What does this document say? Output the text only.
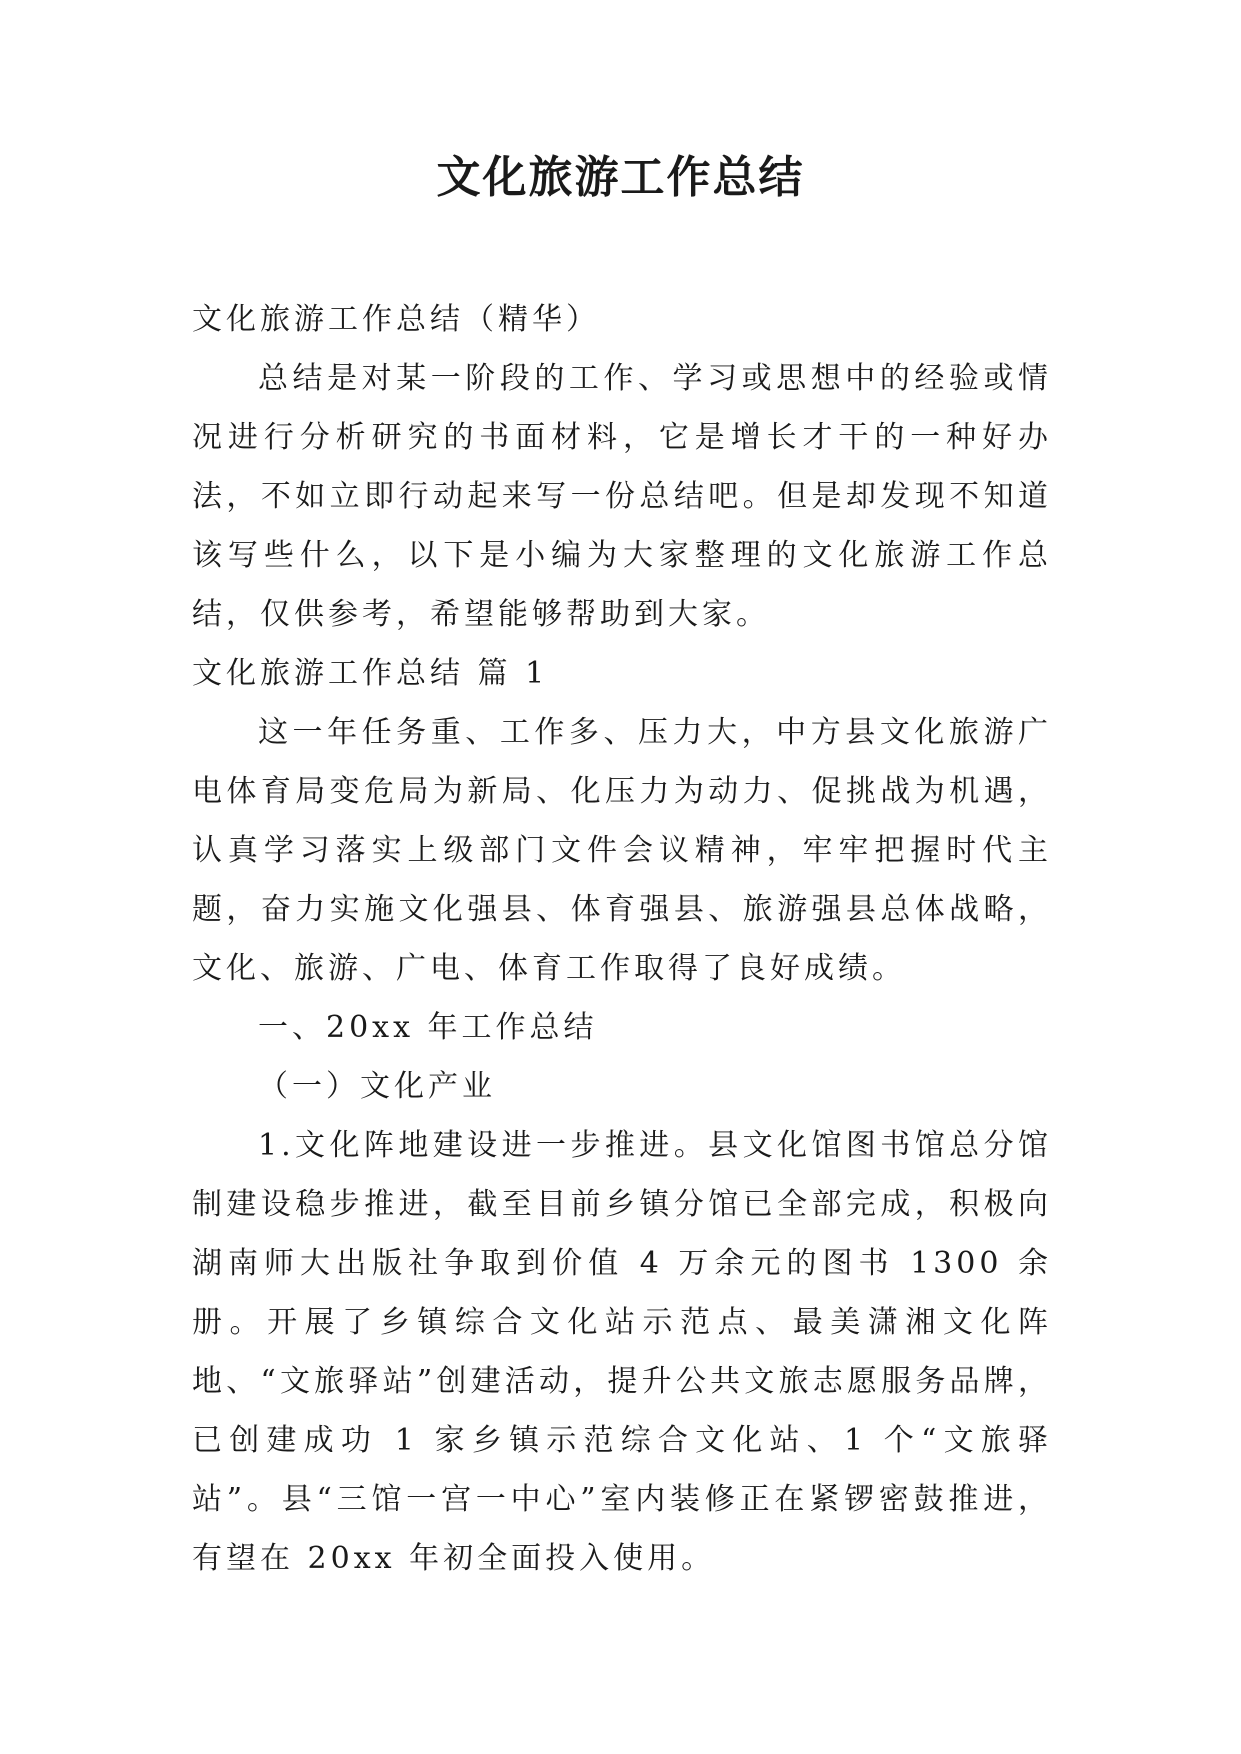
文化旅游工作总结

文化旅游工作总结（精华）

总结是对某一阶段的工作、学习或思想中的经验或情况进行分析研究的书面材料，它是增长才干的一种好办法，不如立即行动起来写一份总结吧。但是却发现不知道该写些什么，以下是小编为大家整理的文化旅游工作总结，仅供参考，希望能够帮助到大家。

文化旅游工作总结 篇 1

这一年任务重、工作多、压力大，中方县文化旅游广电体育局变危局为新局、化压力为动力、促挑战为机遇，认真学习落实上级部门文件会议精神，牢牢把握时代主题，奋力实施文化强县、体育强县、旅游强县总体战略，文化、旅游、广电、体育工作取得了良好成绩。

一、20xx 年工作总结

（一）文化产业

1.文化阵地建设进一步推进。县文化馆图书馆总分馆制建设稳步推进，截至目前乡镇分馆已全部完成，积极向湖南师大出版社争取到价值 4 万余元的图书 1300 余册。开展了乡镇综合文化站示范点、最美潇湘文化阵地、“文旅驿站”创建活动，提升公共文旅志愿服务品牌，已创建成功 1 家乡镇示范综合文化站、1 个“文旅驿站”。县“三馆一宫一中心”室内装修正在紧锣密鼓推进，有望在 20xx 年初全面投入使用。
